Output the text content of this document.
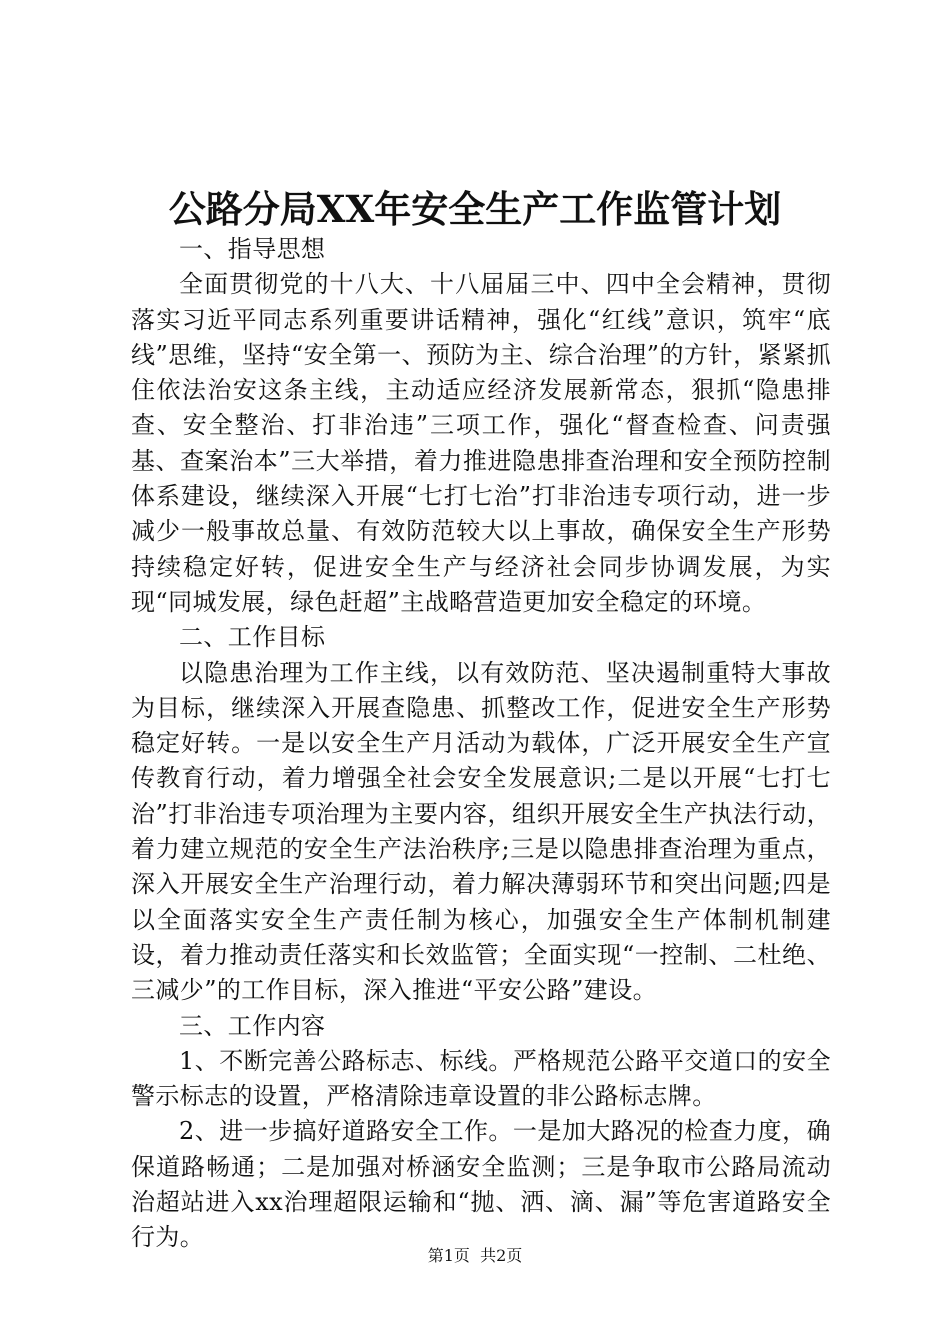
公路分局XX年安全生产工作监管计划

一、指导思想

全面贯彻党的十八大、十八届届三中、四中全会精神，贯彻落实习近平同志系列重要讲话精神，强化“红线”意识，筑牢“底线”思维，坚持“安全第一、预防为主、综合治理”的方针，紧紧抓住依法治安这条主线，主动适应经济发展新常态，狠抓“隐患排查、安全整治、打非治违”三项工作，强化“督查检查、问责强基、查案治本”三大举措，着力推进隐患排查治理和安全预防控制体系建设，继续深入开展“七打七治”打非治违专项行动，进一步减少一般事故总量、有效防范较大以上事故，确保安全生产形势持续稳定好转，促进安全生产与经济社会同步协调发展，为实现“同城发展，绿色赶超”主战略营造更加安全稳定的环境。

二、工作目标

以隐患治理为工作主线，以有效防范、坚决遏制重特大事故为目标，继续深入开展查隐患、抓整改工作，促进安全生产形势稳定好转。一是以安全生产月活动为载体，广泛开展安全生产宣传教育行动，着力增强全社会安全发展意识;二是以开展“七打七治”打非治违专项治理为主要内容，组织开展安全生产执法行动，着力建立规范的安全生产法治秩序;三是以隐患排查治理为重点，深入开展安全生产治理行动，着力解决薄弱环节和突出问题;四是以全面落实安全生产责任制为核心，加强安全生产体制机制建设，着力推动责任落实和长效监管；全面实现“一控制、二杜绝、三减少”的工作目标，深入推进“平安公路”建设。

三、工作内容

1、不断完善公路标志、标线。严格规范公路平交道口的安全警示标志的设置，严格清除违章设置的非公路标志牌。

2、进一步搞好道路安全工作。一是加大路况的检查力度，确保道路畅通；二是加强对桥涵安全监测；三是争取市公路局流动治超站进入xx治理超限运输和“抛、洒、滴、漏”等危害道路安全行为。

第1页 共2页
